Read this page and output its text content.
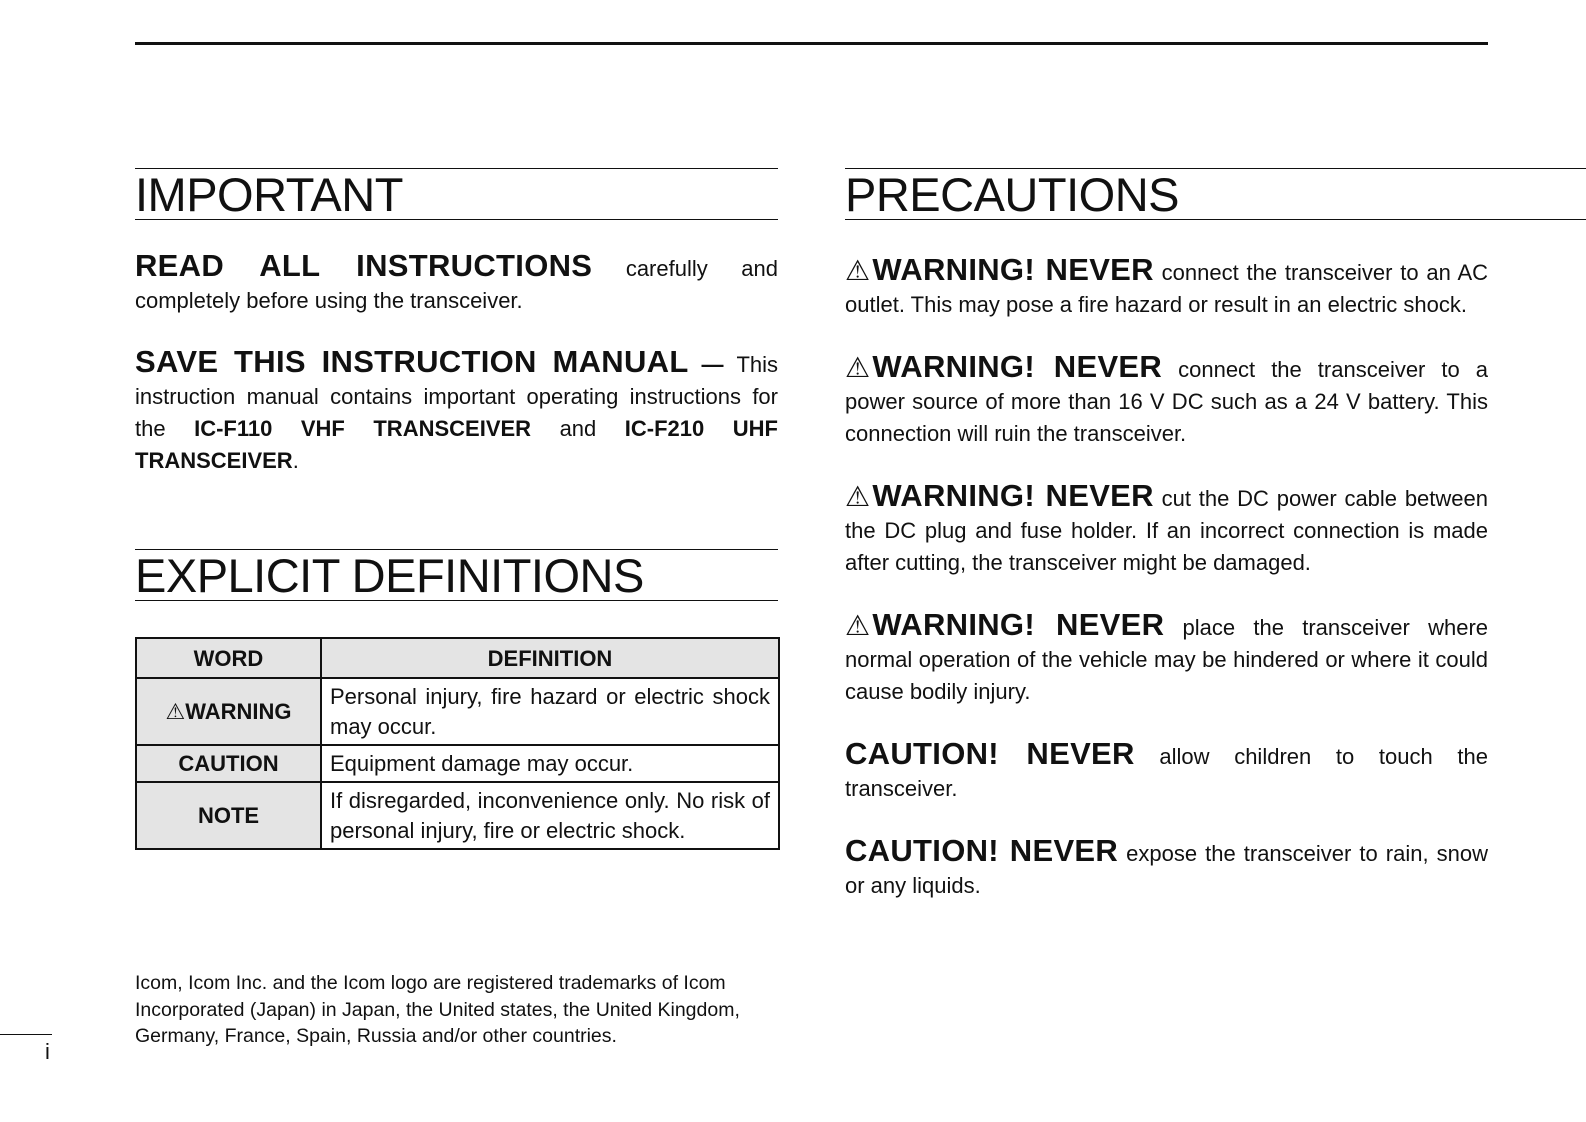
IMPORTANT

READ ALL INSTRUCTIONS carefully and completely before using the transceiver.

SAVE THIS INSTRUCTION MANUAL — This instruction manual contains important operating instructions for the IC-F110 VHF TRANSCEIVER and IC-F210 UHF TRANSCEIVER.

EXPLICIT DEFINITIONS
WORD	DEFINITION
⚠WARNING	Personal injury, fire hazard or electric shock may occur.
CAUTION	Equipment damage may occur.
NOTE	If disregarded, inconvenience only. No risk of personal injury, fire or electric shock.

Icom, Icom Inc. and the Icom logo are registered trademarks of Icom Incorporated (Japan) in Japan, the United states, the United Kingdom, Germany, France, Spain, Russia and/or other countries.

PRECAUTIONS

⚠WARNING! NEVER connect the transceiver to an AC outlet. This may pose a fire hazard or result in an electric shock.

⚠WARNING! NEVER connect the transceiver to a power source of more than 16 V DC such as a 24 V battery. This connection will ruin the transceiver.

⚠WARNING! NEVER cut the DC power cable between the DC plug and fuse holder. If an incorrect connection is made after cutting, the transceiver might be damaged.

⚠WARNING! NEVER place the transceiver where normal operation of the vehicle may be hindered or where it could cause bodily injury.

CAUTION! NEVER allow children to touch the transceiver.

CAUTION! NEVER expose the transceiver to rain, snow or any liquids.

i
